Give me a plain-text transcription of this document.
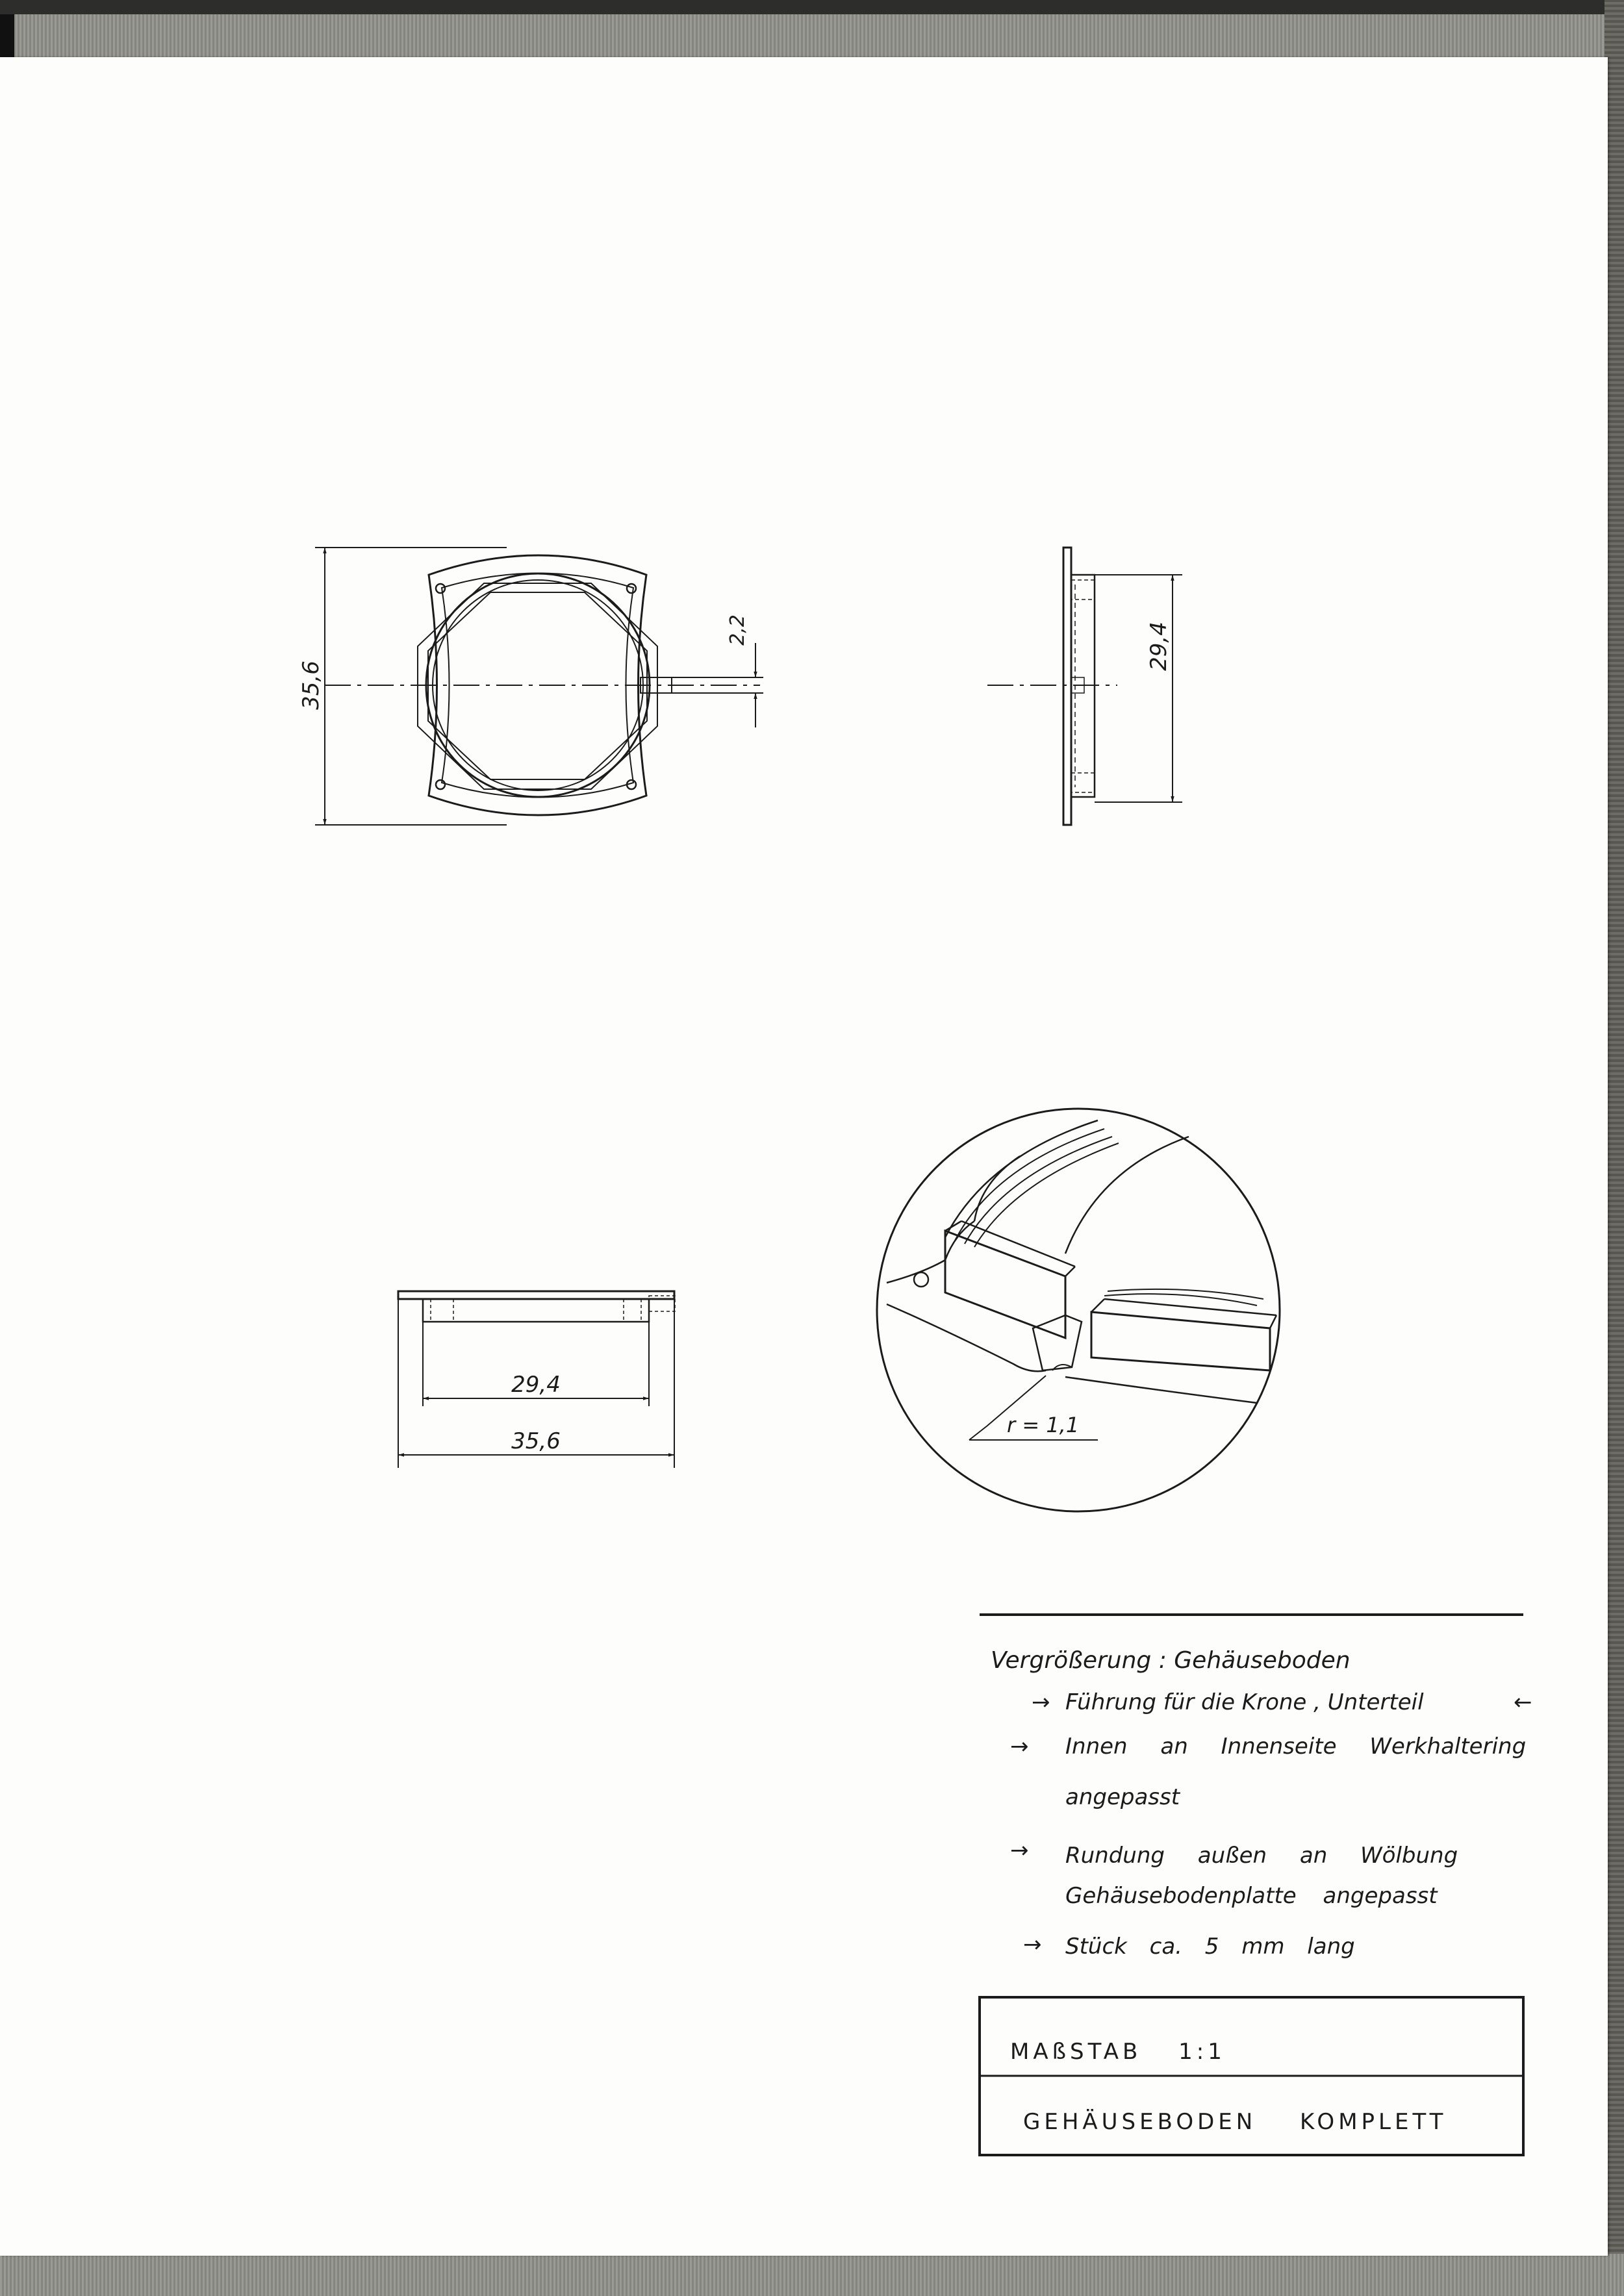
35,6
2,2	29,4
29,4
35,6
r = 1,1
Vergrößerung : Gehäuseboden
Führung für die Krone , Unterteil
→	←
→ Innen an Innenseite Werkhaltering
angepasst
→ Rundung außen an Wölbung
Gehäusebodenplatte angepasst
→ Stück ca. 5 mm lang
MAßSTAB 1:1
GEHÄUSEBODEN KOMPLETT
